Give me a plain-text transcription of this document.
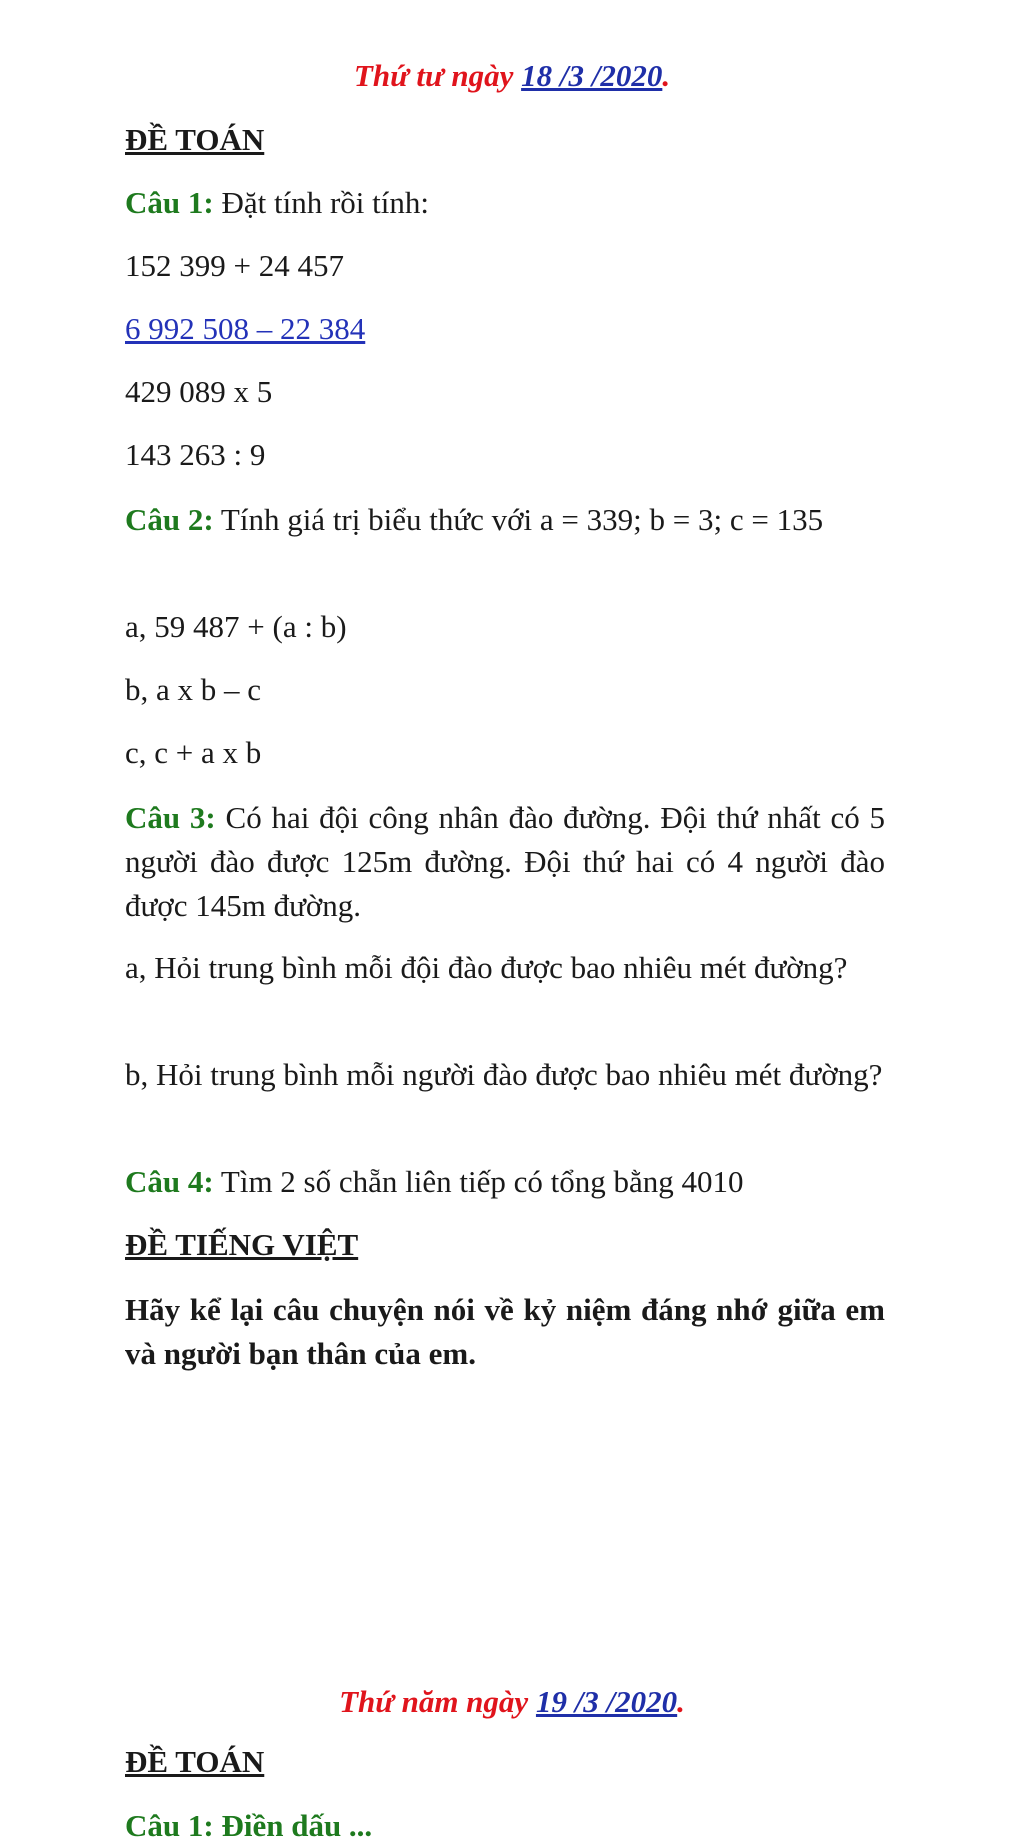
Thứ tư ngày 18 /3 /2020.
ĐỀ TOÁN
Câu 1: Đặt tính rồi tính:
152 399 + 24 457
6 992 508 – 22 384
429 089 x 5
143 263 : 9
Câu 2: Tính giá trị biểu thức với a = 339; b = 3; c = 135
a, 59 487 + (a : b)
b, a x b – c
c, c + a x b
Câu 3: Có hai đội công nhân đào đường. Đội thứ nhất có 5 người đào được 125m đường. Đội thứ hai có 4 người đào được 145m đường.
a, Hỏi trung bình mỗi đội đào được bao nhiêu mét đường?
b, Hỏi trung bình mỗi người đào được bao nhiêu mét đường?
Câu 4: Tìm 2 số chẵn liên tiếp có tổng bằng 4010
ĐỀ TIẾNG VIỆT
Hãy kể lại câu chuyện nói về kỷ niệm đáng nhớ giữa em và người bạn thân của em.
Thứ năm ngày 19 /3 /2020.
ĐỀ TOÁN
Câu 1: Điền dấu ...
